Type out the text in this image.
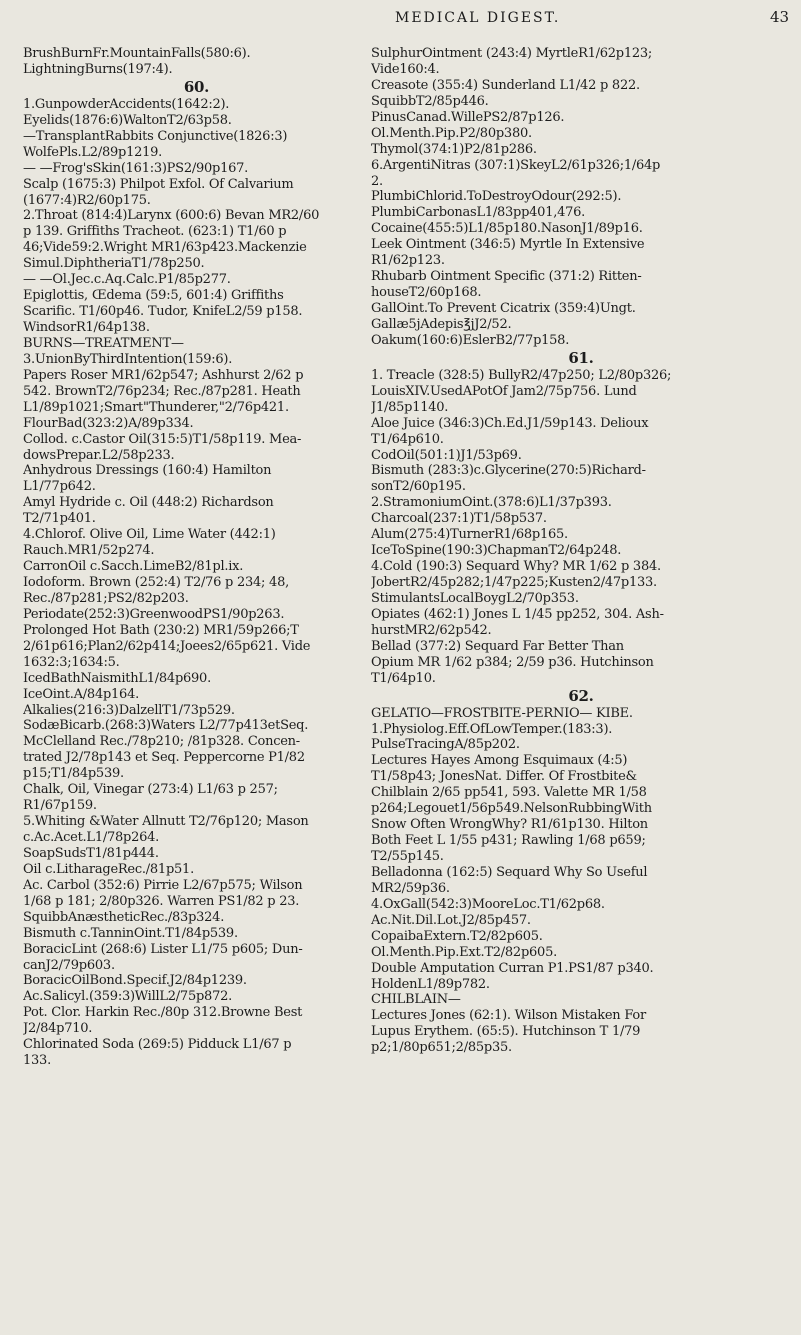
MEDICAL DIGEST.	43
BrushBurnFr.MountainFalls(580:6).
LightningBurns(197:4).
60.
1.GunpowderAccidents(1642:2).
Eyelids(1876:6)WaltonT2/63p58.
—TransplantRabbits Conjunctive(1826:3)
WolfePls.L2/89p1219.
— —Frog'sSkin(161:3)PS2/90p167.
Scalp (1675:3) Philpot Exfol. Of Calvarium
(1677:4)R2/60p175.
2.Throat (814:4)Larynx (600:6) Bevan MR2/60
p 139. Griffiths Tracheot. (623:1) T1/60 p
46;Vide59:2.Wright MR1/63p423.Mackenzie
Simul.DiphtheriaT1/78p250.
— —Ol.Jec.c.Aq.Calc.P1/85p277.
Epiglottis, Œdema (59:5, 601:4) Griffiths
Scarific. T1/60p46. Tudor, KnifeL2/59 p158.
WindsorR1/64p138.
BURNS—TREATMENT—
3.UnionByThirdIntention(159:6).
Papers Roser MR1/62p547; Ashhurst 2/62 p
542. BrownT2/76p234; Rec./87p281. Heath
L1/89p1021;Smart"Thunderer,"2/76p421.
FlourBad(323:2)A/89p334.
Collod. c.Castor Oil(315:5)T1/58p119. Mea-
dowsPrepar.L2/58p233.
Anhydrous Dressings (160:4) Hamilton
L1/77p642.
Amyl Hydride c. Oil (448:2) Richardson
T2/71p401.
4.Chlorof. Olive Oil, Lime Water (442:1)
Rauch.MR1/52p274.
CarronOil c.Sacch.LimeB2/81pl.ix.
Iodoform. Brown (252:4) T2/76 p 234; 48,
Rec./87p281;PS2/82p203.
Periodate(252:3)GreenwoodPS1/90p263.
Prolonged Hot Bath (230:2) MR1/59p266;T
2/61p616;Plan2/62p414;Joees2/65p621. Vide
1632:3;1634:5.
IcedBathNaismithL1/84p690.
IceOint.A/84p164.
Alkalies(216:3)DalzellT1/73p529.
SodæBicarb.(268:3)Waters L2/77p413etSeq.
McClelland Rec./78p210; /81p328. Concen-
trated J2/78p143 et Seq. Peppercorne P1/82
p15;T1/84p539.
Chalk, Oil, Vinegar (273:4) L1/63 p 257;
R1/67p159.
5.Whiting &Water Allnutt T2/76p120; Mason
c.Ac.Acet.L1/78p264.
SoapSudsT1/81p444.
Oil c.LitharageRec./81p51.
Ac. Carbol (352:6) Pirrie L2/67p575; Wilson
1/68 p 181; 2/80p326. Warren PS1/82 p 23.
SquibbAnæstheticRec./83p324.
Bismuth c.TanninOint.T1/84p539.
BoracicLint (268:6) Lister L1/75 p605; Dun-
canJ2/79p603.
BoracicOilBond.Specif.J2/84p1239.
Ac.Salicyl.(359:3)WillL2/75p872.
Pot. Clor. Harkin Rec./80p 312.Browne Best
J2/84p710.
Chlorinated Soda (269:5) Pidduck L1/67 p
133.
SulphurOintment (243:4) MyrtleR1/62p123;
Vide160:4.
Creasote (355:4) Sunderland L1/42 p 822.
SquibbT2/85p446.
PinusCanad.WillePS2/87p126.
Ol.Menth.Pip.P2/80p380.
Thymol(374:1)P2/81p286.
6.ArgentiNitras (307:1)SkeyL2/61p326;1/64p
2.
PlumbiChlorid.ToDestroyOdour(292:5).
PlumbiCarbonasL1/83pp401,476.
Cocaine(455:5)L1/85p180.NasonJ1/89p16.
Leek Ointment (346:5) Myrtle In Extensive
R1/62p123.
Rhubarb Ointment Specific (371:2) Ritten-
houseT2/60p168.
GallOint.To Prevent Cicatrix (359:4)Ungt.
Gallæ5jAdepis℥jJ2/52.
Oakum(160:6)EslerB2/77p158.
61.
1. Treacle (328:5) BullyR2/47p250; L2/80p326;
LouisXIV.UsedAPotOf Jam2/75p756. Lund
J1/85p1140.
Aloe Juice (346:3)Ch.Ed.J1/59p143. Delioux
T1/64p610.
CodOil(501:1)J1/53p69.
Bismuth (283:3)c.Glycerine(270:5)Richard-
sonT2/60p195.
2.StramoniumOint.(378:6)L1/37p393.
Charcoal(237:1)T1/58p537.
Alum(275:4)TurnerR1/68p165.
IceToSpine(190:3)ChapmanT2/64p248.
4.Cold (190:3) Sequard Why? MR 1/62 p 384.
JobertR2/45p282;1/47p225;Kusten2/47p133.
StimulantsLocalBoygL2/70p353.
Opiates (462:1) Jones L 1/45 pp252, 304. Ash-
hurstMR2/62p542.
Bellad (377:2) Sequard Far Better Than
Opium MR 1/62 p384; 2/59 p36. Hutchinson
T1/64p10.
62.
GELATIO—FROSTBITE-PERNIO— KIBE.
1.Physiolog.Eff.OfLowTemper.(183:3).
PulseTracingA/85p202.
Lectures Hayes Among Esquimaux (4:5)
T1/58p43; JonesNat. Differ. Of Frostbite&
Chilblain 2/65 pp541, 593. Valette MR 1/58
p264;Legouet1/56p549.NelsonRubbingWith
Snow Often WrongWhy? R1/61p130. Hilton
Both Feet L 1/55 p431; Rawling 1/68 p659;
T2/55p145.
Belladonna (162:5) Sequard Why So Useful
MR2/59p36.
4.OxGall(542:3)MooreLoc.T1/62p68.
Ac.Nit.Dil.Lot.J2/85p457.
CopaibaExtern.T2/82p605.
Ol.Menth.Pip.Ext.T2/82p605.
Double Amputation Curran P1.PS1/87 p340.
HoldenL1/89p782.
CHILBLAIN—
Lectures Jones (62:1). Wilson Mistaken For
Lupus Erythem. (65:5). Hutchinson T 1/79
p2;1/80p651;2/85p35.
